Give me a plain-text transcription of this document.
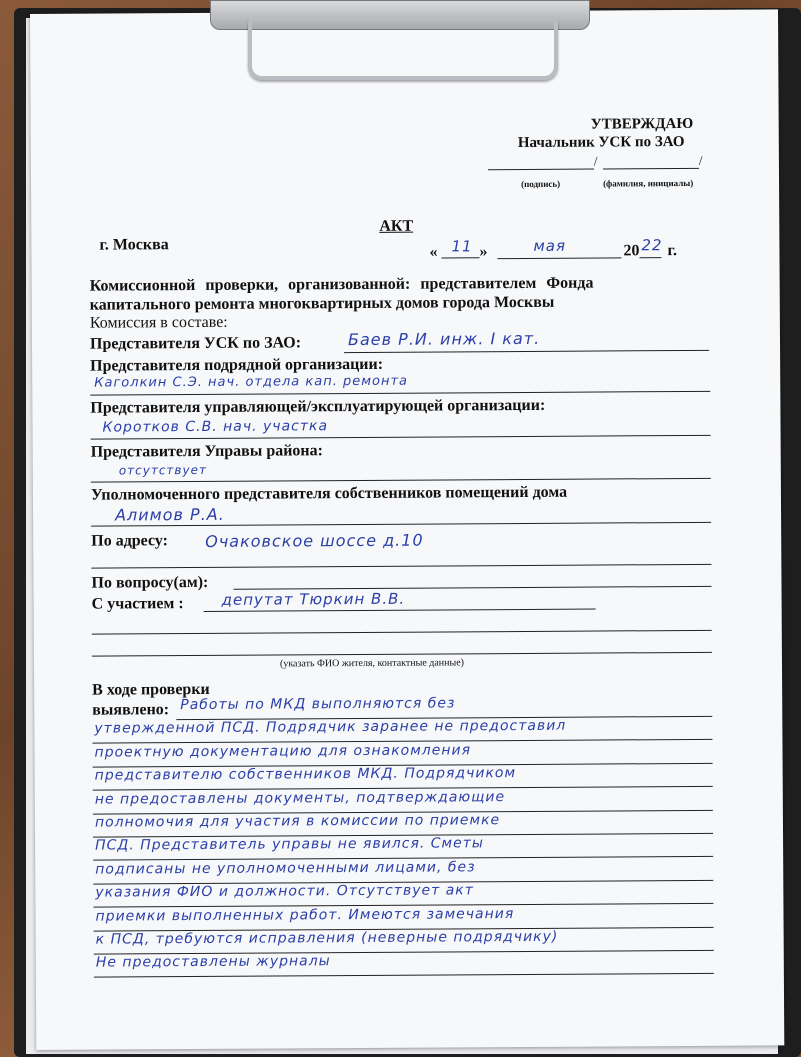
УТВЕРЖДАЮ
Начальник УСК по ЗАО
/	/
(подпись)	(фамилия, инициалы)
АКТ
г. Москва	« 11 »	мая	20 22 г.
Комиссионной проверки, организованной: представителем Фонда
капитального ремонта многоквартирных домов города Москвы
Комиссия в составе:
Представителя УСК по ЗАО:	Баев Р.И. инж. I кат.
Представителя подрядной организации:
Каголкин С.Э. нач. отдела кап. ремонта
Представителя управляющей/эксплуатирующей организации:
Коротков С.В. нач. участка
Представителя Управы района:
отсутствует
Уполномоченного представителя собственников помещений дома
Алимов Р.А.
По адресу: Очаковское шоссе д.10
По вопросу(ам):
С участием :	депутат Тюркин В.В.
(указать ФИО жителя, контактные данные)
В ходе проверки
выявлено: Работы по МКД выполняются без
утвержденной ПСД. Подрядчик заранее не предоставил
проектную документацию для ознакомления
представителю собственников МКД. Подрядчиком
не предоставлены документы, подтверждающие
полномочия для участия в комиссии по приемке
ПСД. Представитель управы не явился. Сметы
подписаны не уполномоченными лицами, без
указания ФИО и должности. Отсутствует акт
приемки выполненных работ. Имеются замечания
к ПСД, требуются исправления (неверные подрядчику)
Не предоставлены журналы
